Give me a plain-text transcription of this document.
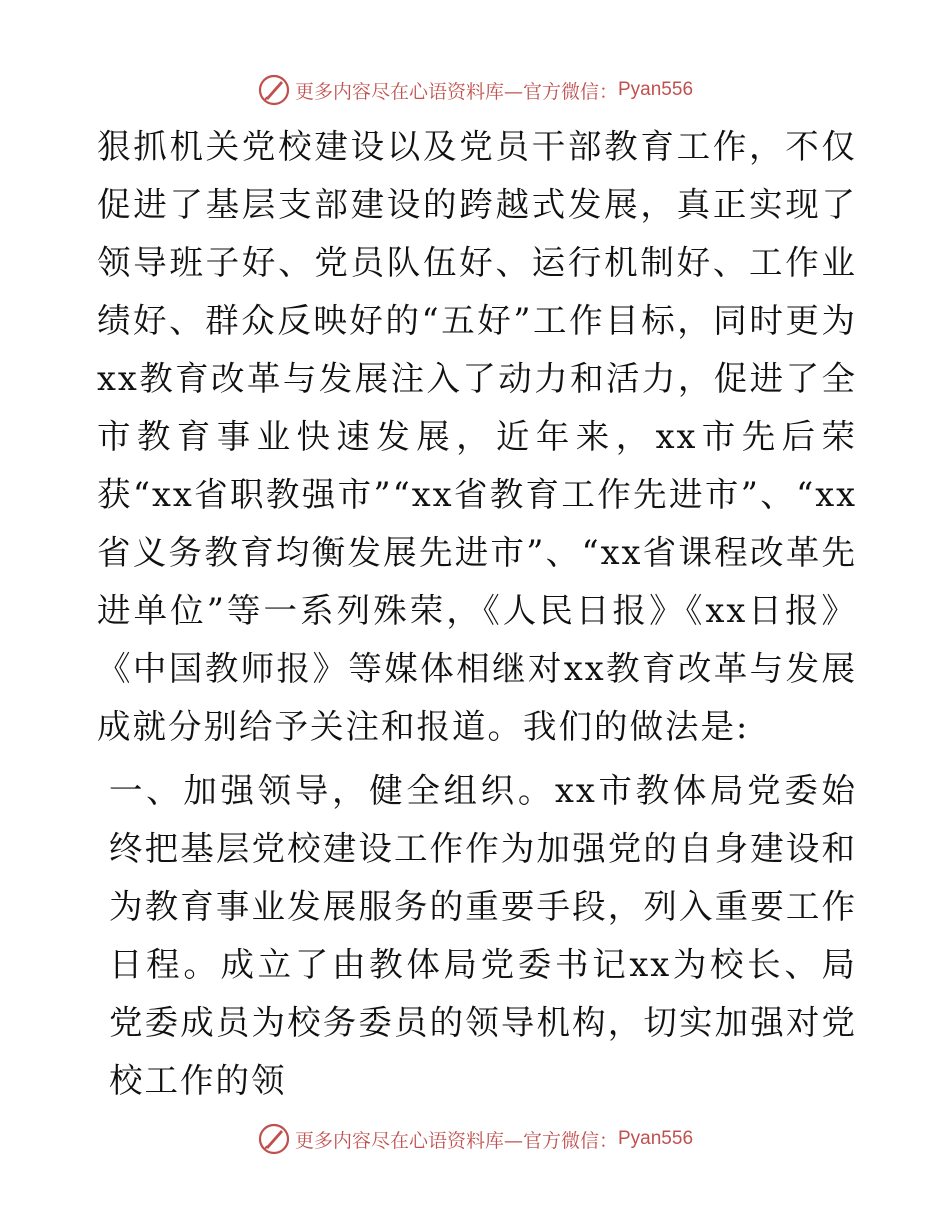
更多内容尽在心语资料库—官方微信： Pyan556

狠抓机关党校建设以及党员干部教育工作，不仅促进了基层支部建设的跨越式发展，真正实现了领导班子好、党员队伍好、运行机制好、工作业绩好、群众反映好的“五好”工作目标，同时更为xx教育改革与发展注入了动力和活力，促进了全市教育事业快速发展，近年来，xx市先后荣获“xx省职教强市”“xx省教育工作先进市”、“xx省义务教育均衡发展先进市”、“xx省课程改革先进单位”等一系列殊荣，《人民日报》《xx日报》《中国教师报》等媒体相继对xx教育改革与发展成就分别给予关注和报道。我们的做法是:

一、加强领导，健全组织。xx市教体局党委始终把基层党校建设工作作为加强党的自身建设和为教育事业发展服务的重要手段，列入重要工作日程。成立了由教体局党委书记xx为校长、局党委成员为校务委员的领导机构，切实加强对党校工作的领

更多内容尽在心语资料库—官方微信： Pyan556
